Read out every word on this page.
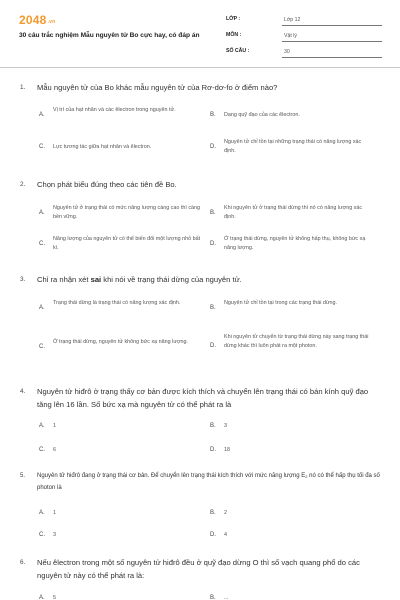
$2048^{.vn}$
30 câu trắc nghiệm Mẫu nguyên tử Bo cực hay, có đáp án
LỚP :	Lớp 12
MÔN :	Vật lý
SỐ CÂU :	30
1. Mẫu nguyên tử của Bo khác mẫu nguyên tử của Rơ-dơ-fo ở điểm nào?
A.
Vị trí của hạt nhân và các êlectron trong nguyên tử.
B. Dạng quỹ đạo của các êlectron.
C. Lực tương tác giữa hạt nhân và êlectron.	D.
Nguyên tử chỉ tồn tại những trạng thái có năng lượng xác định.
2. Chọn phát biểu đúng theo các tiên đề Bo.
A.
Nguyên tử ở trạng thái có mức năng lượng càng cao thì càng bền vững.
B.
Khi nguyên tử ở trạng thái dừng thì nó có năng lượng xác định.
C.
Năng lượng của nguyên tử có thể biến đổi một lượng nhỏ bất kì.
D.
Ở trạng thái dừng, nguyên tử không hấp thụ, không bức xạ năng lượng.
3. Chỉ ra nhận xét sai khi nói về trạng thái dừng của nguyên tử.
A.
Trạng thái dừng là trạng thái có năng lượng xác định.
B.
Nguyên tử chỉ tồn tại trong các trạng thái dừng.
C.
Ở trạng thái dừng, nguyên tử không bức xạ năng lượng.
D.
Khi nguyên tử chuyển từ trạng thái dừng này sang trạng thái dừng khác thì luôn phát ra một photon.
4. Nguyên tử hiđrô ở trạng thấy cơ bản được kích thích và chuyển lên trạng thái có bán kính quỹ đạo tăng lên 16 lần. Số bức xạ mà nguyên tử có thể phát ra là
A. 1	B. 3
C. 6	D. 18
5. Nguyên tử hiđrô đang ở trạng thái cơ bản. Để chuyển lên trạng thái kích thích với mức năng lượng E2 nó có thể hấp thụ tối đa số photon là
A. 1	B. 2
C. 3	D. 4
6. Nếu êlectron trong một số nguyên tử hiđrô đều ở quỹ đạo dừng O thì số vạch quang phổ do các nguyên tử này có thể phát ra là:
A. 5	B. ...
